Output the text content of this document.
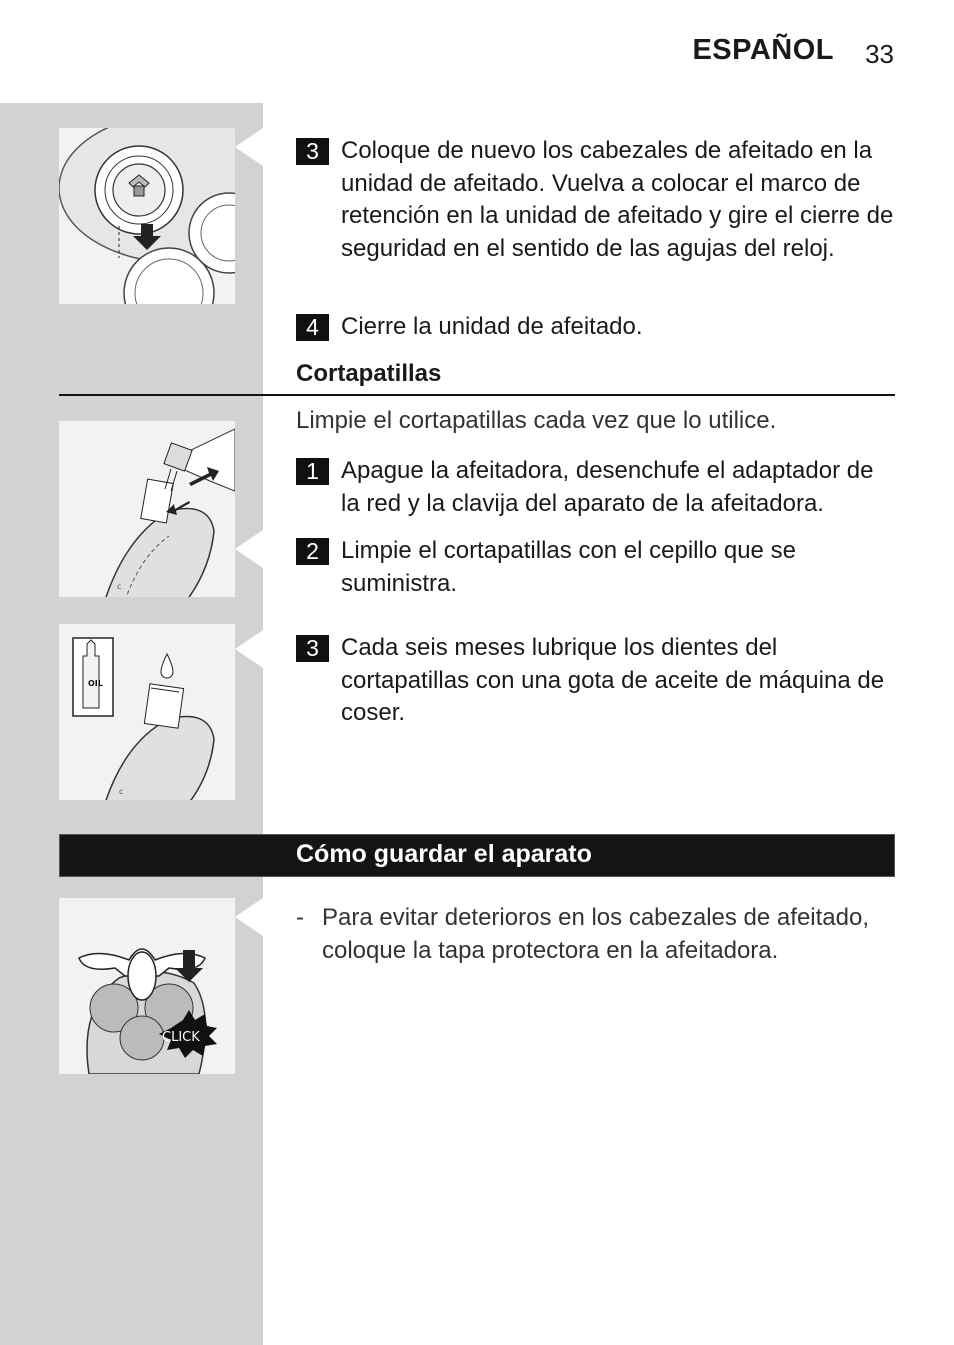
ESPAÑOL 33
3 Coloque de nuevo los cabezales de afeitado en la unidad de afeitado. Vuelva a colocar el marco de retención en la unidad de afeitado y gire el cierre de seguridad en el sentido de las agujas del reloj.
4 Cierre la unidad de afeitado.
Cortapatillas
Limpie el cortapatillas cada vez que lo utilice.
c
1 Apague la afeitadora, desenchufe el adaptador de la red y la clavija del aparato de la afeitadora.
2 Limpie el cortapatillas con el cepillo que se suministra.
OIL
c
3 Cada seis meses lubrique los dientes del cortapatillas con una gota de aceite de máquina de coser.
Cómo guardar el aparato
CLICK
- Para evitar deterioros en los cabezales de afeitado, coloque la tapa protectora en la afeitadora.
